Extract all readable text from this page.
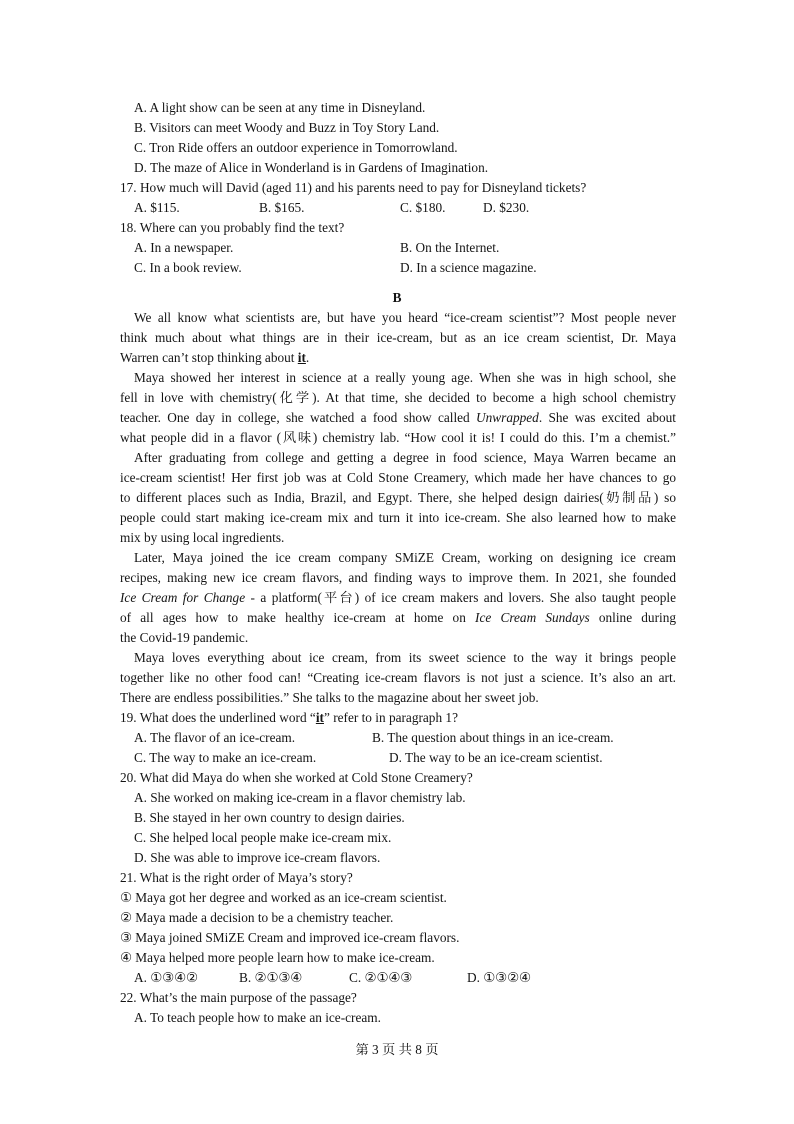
A. A light show can be seen at any time in Disneyland.
B. Visitors can meet Woody and Buzz in Toy Story Land.
C. Tron Ride offers an outdoor experience in Tomorrowland.
D. The maze of Alice in Wonderland is in Gardens of Imagination.
17. How much will David (aged 11) and his parents need to pay for Disneyland tickets?
A. $115.	B. $165.	C. $180.	D. $230.
18. Where can you probably find the text?
A. In a newspaper.	B. On the Internet.
C. In a book review.	D. In a science magazine.
B
We all know what scientists are, but have you heard “ice-cream scientist”? Most people never
think much about what things are in their ice-cream, but as an ice cream scientist, Dr. Maya
Warren can’t stop thinking about it.
Maya showed her interest in science at a really young age. When she was in high school, she
fell in love with chemistry(化学). At that time, she decided to become a high school chemistry
teacher. One day in college, she watched a food show called Unwrapped. She was excited about
what people did in a flavor (风味) chemistry lab. “How cool it is! I could do this. I’m a chemist.”
After graduating from college and getting a degree in food science, Maya Warren became an
ice-cream scientist! Her first job was at Cold Stone Creamery, which made her have chances to go
to different places such as India, Brazil, and Egypt. There, she helped design dairies(奶制品) so
people could start making ice-cream mix and turn it into ice-cream. She also learned how to make
mix by using local ingredients.
Later, Maya joined the ice cream company SMiZE Cream, working on designing ice cream
recipes, making new ice cream flavors, and finding ways to improve them. In 2021, she founded
Ice Cream for Change - a platform(平台) of ice cream makers and lovers. She also taught people
of all ages how to make healthy ice-cream at home on Ice Cream Sundays online during
the Covid-19 pandemic.
Maya loves everything about ice cream, from its sweet science to the way it brings people
together like no other food can! “Creating ice-cream flavors is not just a science. It’s also an art.
There are endless possibilities.” She talks to the magazine about her sweet job.
19. What does the underlined word “it” refer to in paragraph 1?
A. The flavor of an ice-cream.	B. The question about things in an ice-cream.
C. The way to make an ice-cream.	D. The way to be an ice-cream scientist.
20. What did Maya do when she worked at Cold Stone Creamery?
A. She worked on making ice-cream in a flavor chemistry lab.
B. She stayed in her own country to design dairies.
C. She helped local people make ice-cream mix.
D. She was able to improve ice-cream flavors.
21. What is the right order of Maya’s story?
① Maya got her degree and worked as an ice-cream scientist.
② Maya made a decision to be a chemistry teacher.
③ Maya joined SMiZE Cream and improved ice-cream flavors.
④ Maya helped more people learn how to make ice-cream.
A. ①③④②	B. ②①③④	C. ②①④③	D. ①③②④
22. What’s the main purpose of the passage?
A. To teach people how to make an ice-cream.
第 3 页 共 8 页
